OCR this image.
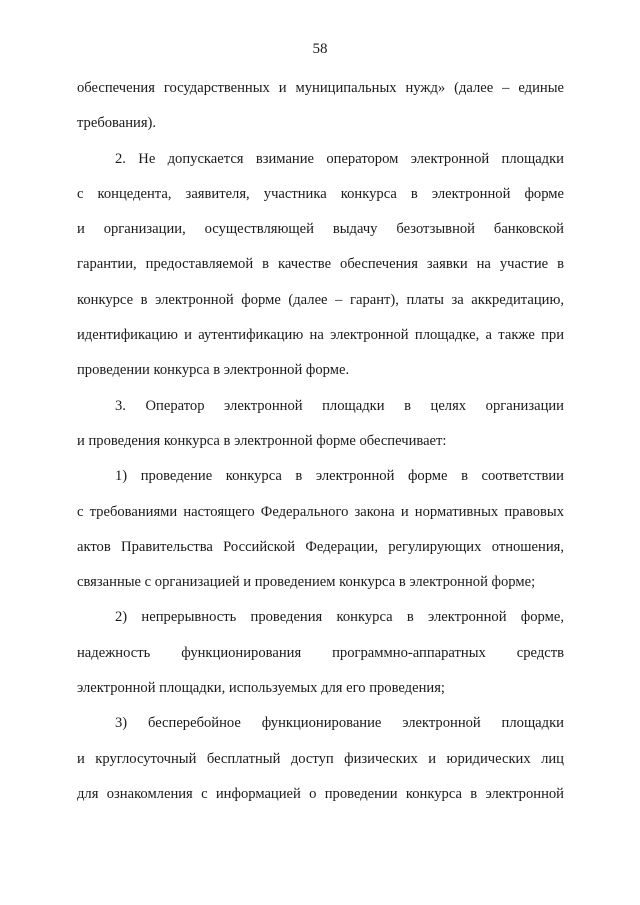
58
обеспечения государственных и муниципальных нужд» (далее – единые
требования).
2. Не допускается взимание оператором электронной площадки
с концедента, заявителя, участника конкурса в электронной форме
и организации, осуществляющей выдачу безотзывной банковской
гарантии, предоставляемой в качестве обеспечения заявки на участие в
конкурсе в электронной форме (далее – гарант), платы за аккредитацию,
идентификацию и аутентификацию на электронной площадке, а также при
проведении конкурса в электронной форме.
3. Оператор электронной площадки в целях организации
и проведения конкурса в электронной форме обеспечивает:
1) проведение конкурса в электронной форме в соответствии
с требованиями настоящего Федерального закона и нормативных правовых
актов Правительства Российской Федерации, регулирующих отношения,
связанные с организацией и проведением конкурса в электронной форме;
2) непрерывность проведения конкурса в электронной форме,
надежность функционирования программно-аппаратных средств
электронной площадки, используемых для его проведения;
3) бесперебойное функционирование электронной площадки
и круглосуточный бесплатный доступ физических и юридических лиц
для ознакомления с информацией о проведении конкурса в электронной
